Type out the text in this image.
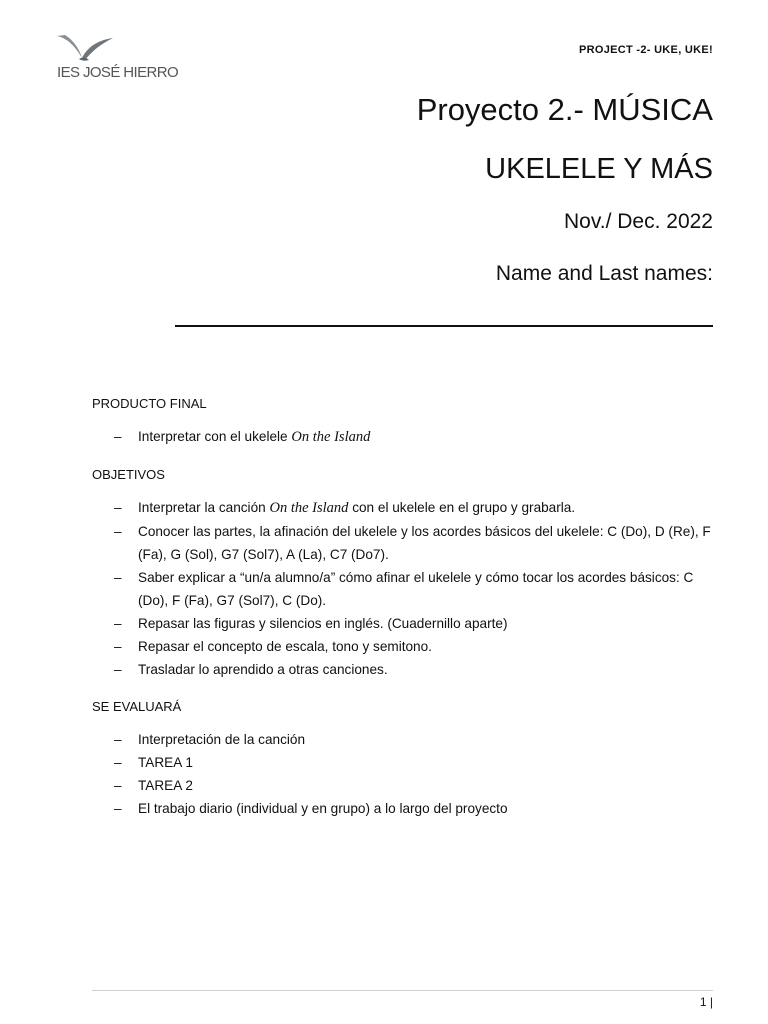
IES JOSÉ HIERRO
PROJECT -2- UKE, UKE!
Proyecto 2.- MÚSICA
UKELELE Y MÁS
Nov./ Dec. 2022
Name and Last names:
PRODUCTO FINAL
– Interpretar con el ukelele On the Island
OBJETIVOS
– Interpretar la canción On the Island con el ukelele en el grupo y grabarla.
– Conocer las partes, la afinación del ukelele y los acordes básicos del ukelele: C (Do), D (Re), F (Fa), G (Sol), G7 (Sol7), A (La), C7 (Do7).
– Saber explicar a “un/a alumno/a” cómo afinar el ukelele y cómo tocar los acordes básicos: C (Do), F (Fa), G7 (Sol7), C (Do).
– Repasar las figuras y silencios en inglés. (Cuadernillo aparte)
– Repasar el concepto de escala, tono y semitono.
– Trasladar lo aprendido a otras canciones.
SE EVALUARÁ
– Interpretación de la canción
– TAREA 1
– TAREA 2
– El trabajo diario (individual y en grupo) a lo largo del proyecto
1 |
